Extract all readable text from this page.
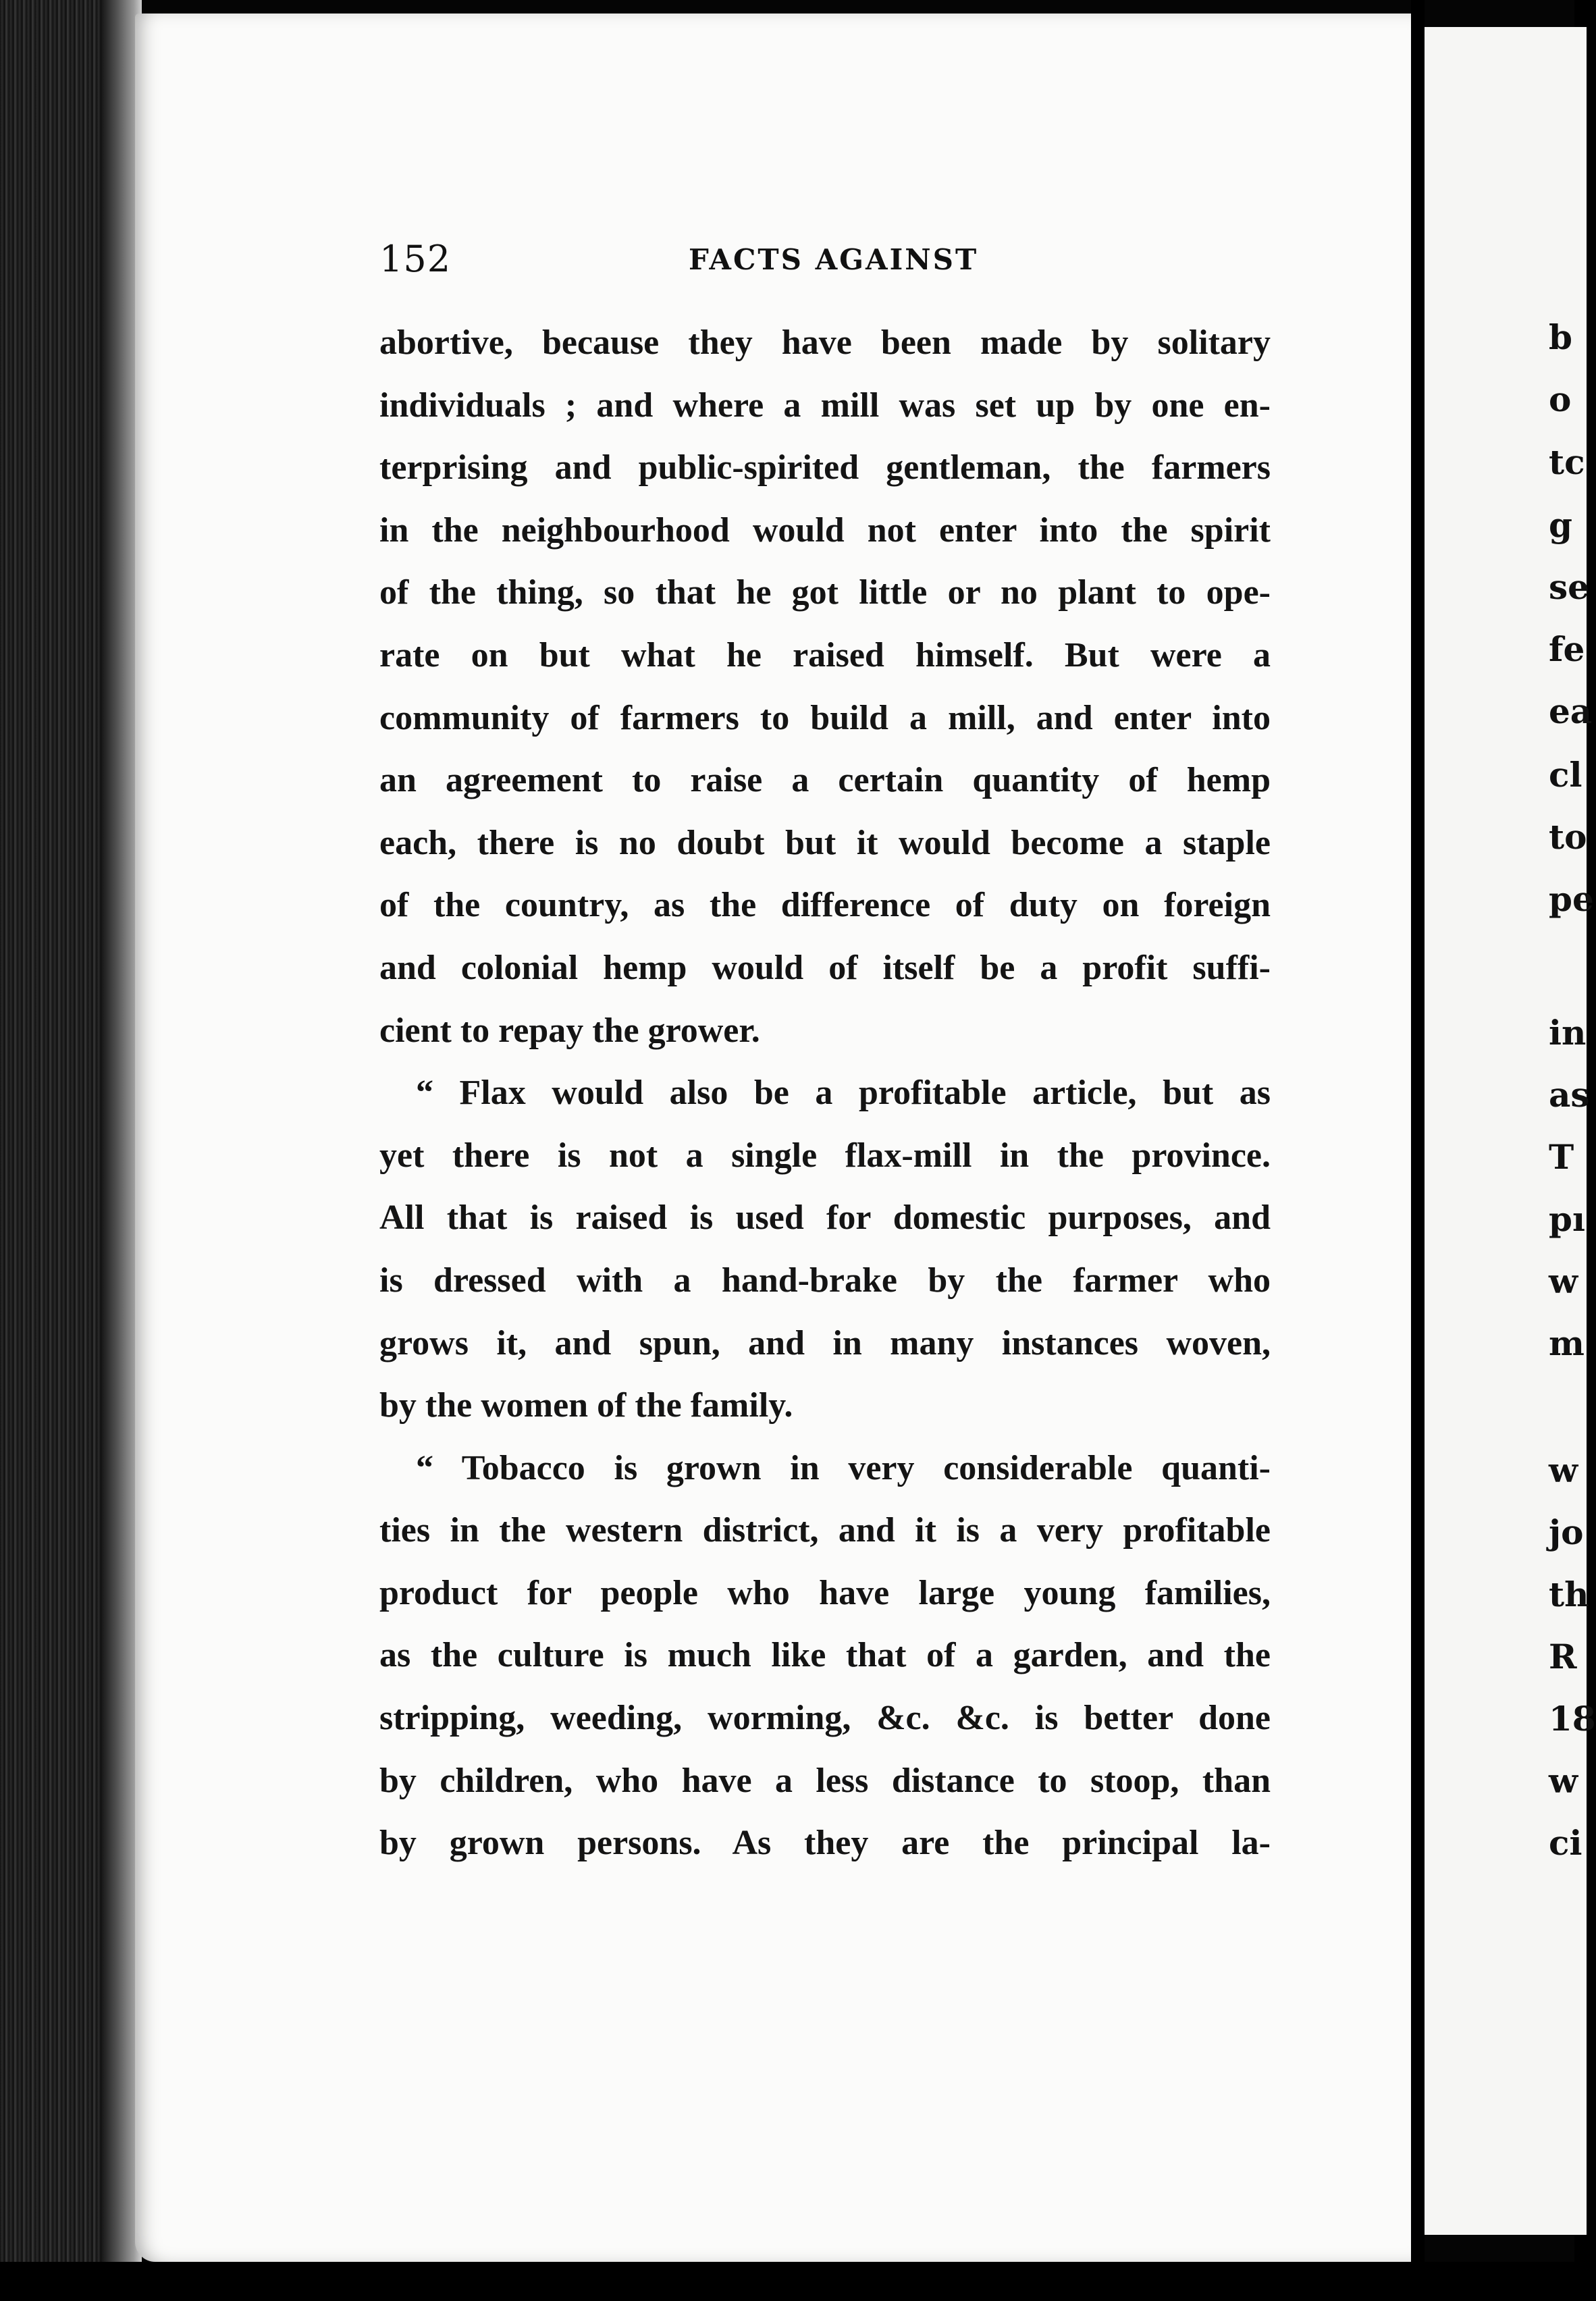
152	FACTS AGAINST
abortive, because they have been made by solitary
individuals ; and where a mill was set up by one en-
terprising and public-spirited gentleman, the farmers
in the neighbourhood would not enter into the spirit
of the thing, so that he got little or no plant to ope-
rate on but what he raised himself. But were a
community of farmers to build a mill, and enter into
an agreement to raise a certain quantity of hemp
each, there is no doubt but it would become a staple
of the country, as the difference of duty on foreign
and colonial hemp would of itself be a profit suffi-
cient to repay the grower.
“ Flax would also be a profitable article, but as
yet there is not a single flax-mill in the province.
All that is raised is used for domestic purposes, and
is dressed with a hand-brake by the farmer who
grows it, and spun, and in many instances woven,
by the women of the family.
“ Tobacco is grown in very considerable quanti-
ties in the western district, and it is a very profitable
product for people who have large young families,
as the culture is much like that of a garden, and the
stripping, weeding, worming, &c. &c. is better done
by children, who have a less distance to stoop, than
by grown persons. As they are the principal la-
b
o
tc
g
se
fe
ea
cl
to
pe
in
as
T
pı
w
m
w
jo
th
R
18
w
ci
